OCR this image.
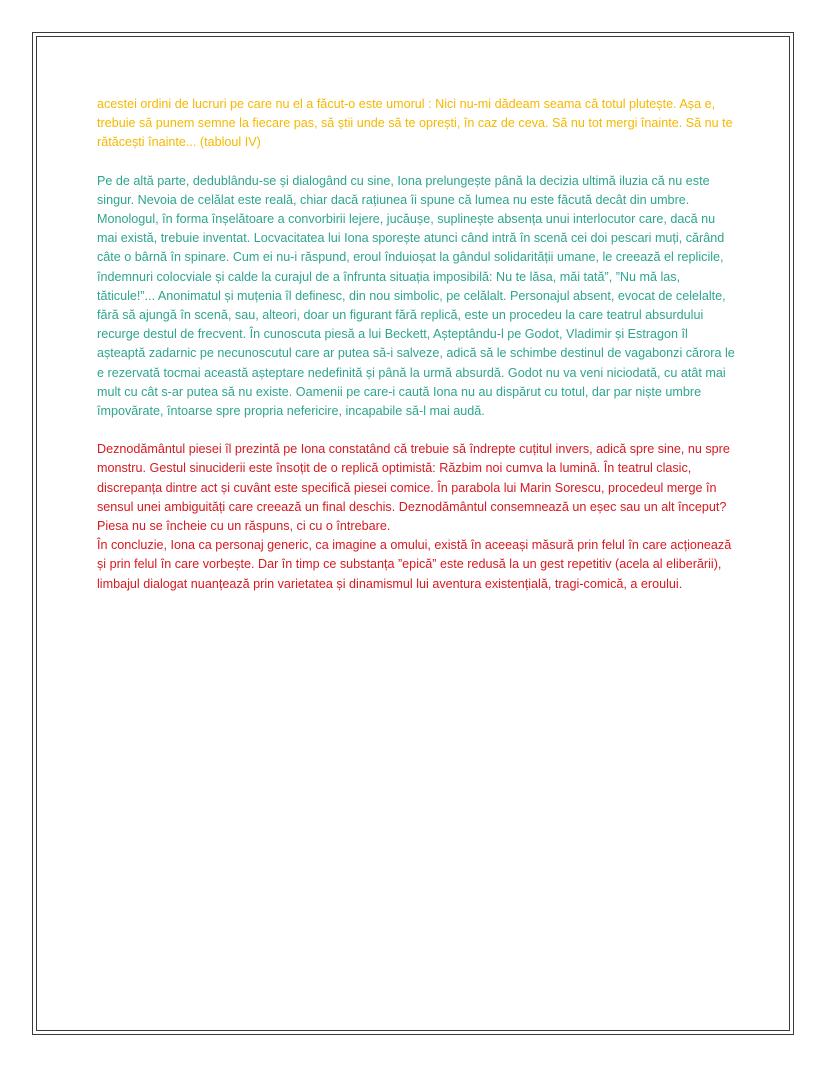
acestei ordini de lucruri pe care nu el a făcut-o este umorul : Nici nu-mi dădeam seama că totul plutește. Așa e, trebuie să punem semne la fiecare pas, să știi unde să te oprești, în caz de ceva. Să nu tot mergi înainte. Să nu te rătăcești înainte... (tabloul IV)

Pe de altă parte, dedublându-se și dialogând cu sine, Iona prelungește până la decizia ultimă iluzia că nu este singur. Nevoia de celălat este reală, chiar dacă rațiunea îi spune că lumea nu este făcută decât din umbre. Monologul, în forma înșelătoare a convorbirii lejere, jucăușe, suplinește absența unui interlocutor care, dacă nu mai există, trebuie inventat. Locvacitatea lui Iona sporește atunci când intră în scenă cei doi pescari muți, cărând câte o bârnă în spinare. Cum ei nu-i răspund, eroul înduioșat la gândul solidarității umane, le creează el replicile, îndemnuri colocviale și calde la curajul de a înfrunta situația imposibilă: Nu te lăsa, măi tată”, ”Nu mă las, tăticule!”... Anonimatul și muțenia îl definesc, din nou simbolic, pe celălalt. Personajul absent, evocat de celelalte, fără să ajungă în scenă, sau, alteori, doar un figurant fără replică, este un procedeu la care teatrul absurdului recurge destul de frecvent. În cunoscuta piesă a lui Beckett, Așteptându-l pe Godot, Vladimir și Estragon îl așteaptă zadarnic pe necunoscutul care ar putea să-i salveze, adică să le schimbe destinul de vagabonzi cărora le e rezervată tocmai această așteptare nedefinită și până la urmă absurdă. Godot nu va veni niciodată, cu atât mai mult cu cât s-ar putea să nu existe. Oamenii pe care-i caută Iona nu au dispărut cu totul, dar par niște umbre împovărate, întoarse spre propria nefericire, incapabile să-l mai audă.

Deznodământul piesei îl prezintă pe Iona constatând că trebuie să îndrepte cuțitul invers, adică spre sine, nu spre monstru. Gestul sinuciderii este însoțit de o replică optimistă: Răzbim noi cumva la lumină. În teatrul clasic, discrepanța dintre act și cuvânt este specifică piesei comice. În parabola lui Marin Sorescu, procedeul merge în sensul unei ambiguități care creează un final deschis. Deznodământul consemnează un eșec sau un alt început? Piesa nu se încheie cu un răspuns, ci cu o întrebare.

În concluzie, Iona ca personaj generic, ca imagine a omului, există în aceeași măsură prin felul în care acționează și prin felul în care vorbește. Dar în timp ce substanța ”epică” este redusă la un gest repetitiv (acela al eliberării), limbajul dialogat nuanțează prin varietatea și dinamismul lui aventura existențială, tragi-comică, a eroului.
